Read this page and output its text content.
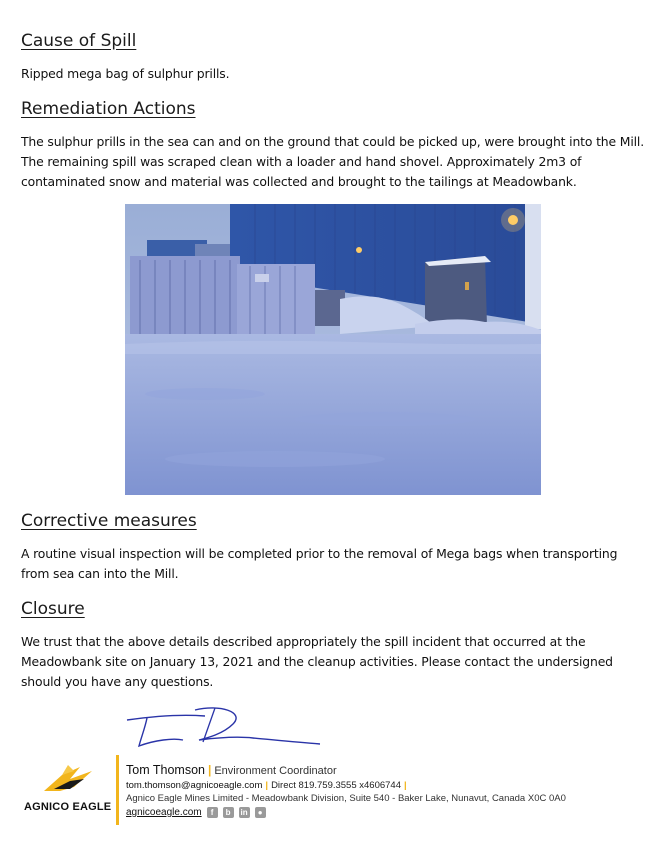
Cause of Spill
Ripped mega bag of sulphur prills.
Remediation Actions
The sulphur prills in the sea can and on the ground that could be picked up, were brought into the Mill. The remaining spill was scraped clean with a loader and hand shovel. Approximately 2m3 of contaminated snow and material was collected and brought to the tailings at Meadowbank.
Corrective measures
A routine visual inspection will be completed prior to the removal of Mega bags when transporting from sea can into the Mill.
Closure
We trust that the above details described appropriately the spill incident that occurred at the Meadowbank site on January 13, 2021 and the cleanup activities. Please contact the undersigned should you have any questions.
AGNICO EAGLE
Tom Thomson | Environment Coordinator
tom.thomson@agnicoeagle.com | Direct 819.759.3555 x4606744 |
Agnico Eagle Mines Limited - Meadowbank Division, Suite 540 - Baker Lake, Nunavut, Canada X0C 0A0
agnicoeagle.com	f	b	in	●
